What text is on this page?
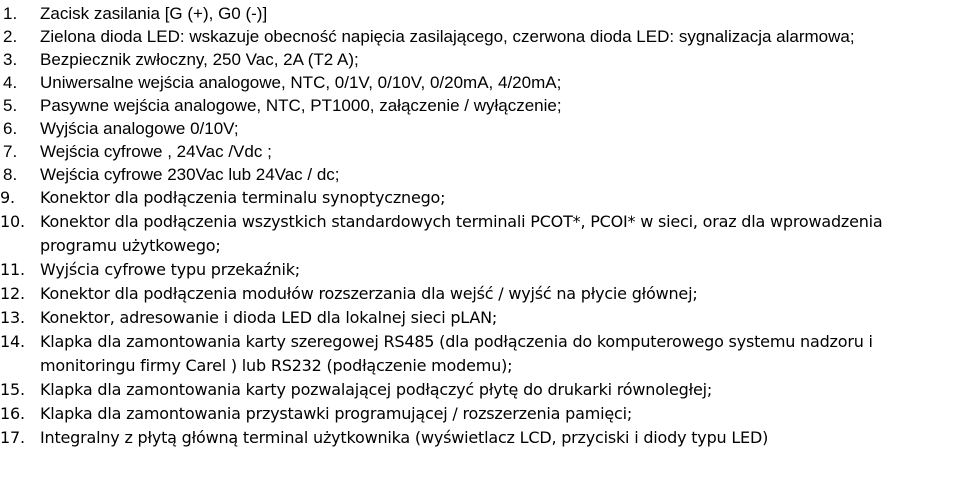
1.	Zacisk zasilania [G (+), G0 (-)]
2.	Zielona dioda LED: wskazuje obecność napięcia zasilającego, czerwona dioda LED: sygnalizacja alarmowa;
3.	Bezpiecznik zwłoczny, 250 Vac, 2A (T2 A);
4.	Uniwersalne wejścia analogowe, NTC, 0/1V, 0/10V, 0/20mA, 4/20mA;
5.	Pasywne wejścia analogowe, NTC, PT1000, załączenie / wyłączenie;
6.	Wyjścia analogowe 0/10V;
7.	Wejścia cyfrowe , 24Vac /Vdc ;
8.	Wejścia cyfrowe 230Vac lub 24Vac / dc;
9.	Konektor dla podłączenia terminalu synoptycznego;
10. Konektor dla podłączenia wszystkich standardowych terminali PCOT*, PCOI* w sieci, oraz dla wprowadzenia programu użytkowego;
11. Wyjścia cyfrowe typu przekaźnik;
12. Konektor dla podłączenia modułów rozszerzania dla wejść / wyjść na płycie głównej;
13. Konektor, adresowanie i dioda LED dla lokalnej sieci pLAN;
14. Klapka dla zamontowania karty szeregowej RS485 (dla podłączenia do komputerowego systemu nadzoru i monitoringu firmy Carel ) lub RS232 (podłączenie modemu);
15. Klapka dla zamontowania karty pozwalającej podłączyć płytę do drukarki równoległej;
16. Klapka dla zamontowania przystawki programującej / rozszerzenia pamięci;
17. Integralny z płytą główną terminal użytkownika (wyświetlacz LCD, przyciski i diody typu LED)
